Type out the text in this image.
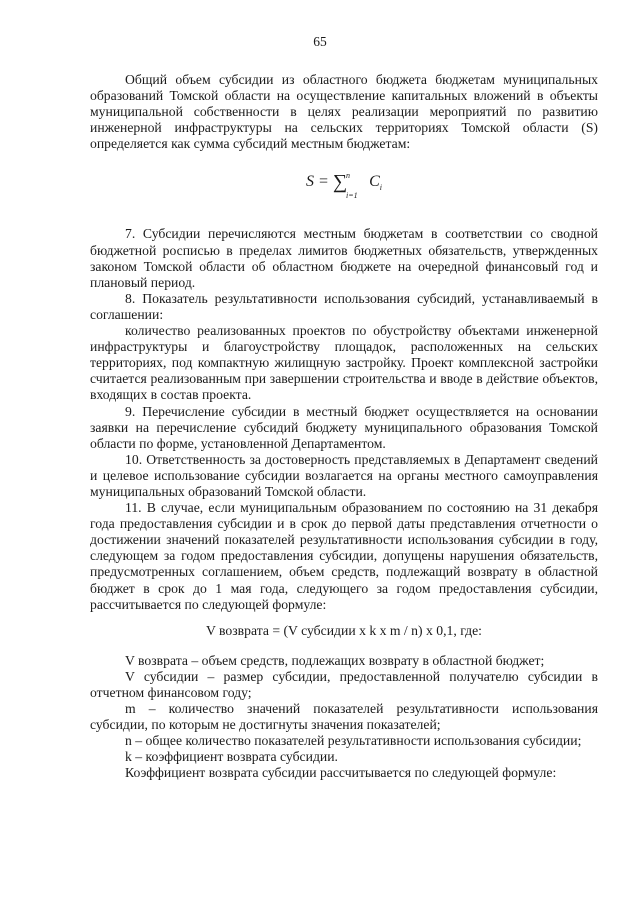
65

Общий объем субсидии из областного бюджета бюджетам муниципальных образований Томской области на осуществление капитальных вложений в объекты муниципальной собственности в целях реализации мероприятий по развитию инженерной инфраструктуры на сельских территориях Томской области (S) определяется как сумма субсидий местным бюджетам:

S = ∑
n
i=1
$C_i$

7. Субсидии перечисляются местным бюджетам в соответствии со сводной бюджетной росписью в пределах лимитов бюджетных обязательств, утвержденных законом Томской области об областном бюджете на очередной финансовый год и плановый период.

8. Показатель результативности использования субсидий, устанавливаемый в соглашении:

количество реализованных проектов по обустройству объектами инженерной инфраструктуры и благоустройству площадок, расположенных на сельских территориях, под компактную жилищную застройку. Проект комплексной застройки считается реализованным при завершении строительства и вводе в действие объектов, входящих в состав проекта.

9. Перечисление субсидии в местный бюджет осуществляется на основании заявки на перечисление субсидий бюджету муниципального образования Томской области по форме, установленной Департаментом.

10. Ответственность за достоверность представляемых в Департамент сведений и целевое использование субсидии возлагается на органы местного самоуправления муниципальных образований Томской области.

11. В случае, если муниципальным образованием по состоянию на 31 декабря года предоставления субсидии и в срок до первой даты представления отчетности о достижении значений показателей результативности использования субсидии в году, следующем за годом предоставления субсидии, допущены нарушения обязательств, предусмотренных соглашением, объем средств, подлежащий возврату в областной бюджет в срок до 1 мая года, следующего за годом предоставления субсидии, рассчитывается по следующей формуле:

V возврата = (V субсидии x k x m / n) x 0,1, где:

V возврата – объем средств, подлежащих возврату в областной бюджет;

V субсидии – размер субсидии, предоставленной получателю субсидии в отчетном финансовом году;

m – количество значений показателей результативности использования субсидии, по которым не достигнуты значения показателей;

n – общее количество показателей результативности использования субсидии;

k – коэффициент возврата субсидии.

Коэффициент возврата субсидии рассчитывается по следующей формуле:
